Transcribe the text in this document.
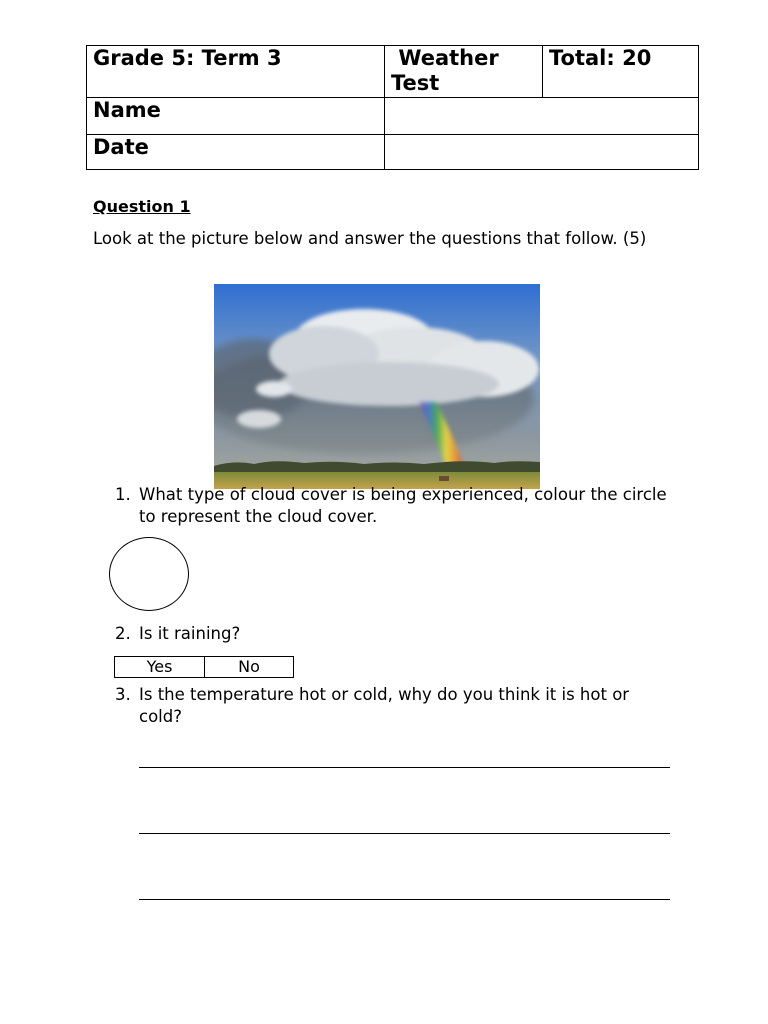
Grade 5: Term 3	Weather Test	Total: 20
Name		
Date		
Question 1
Look at the picture below and answer the questions that follow. (5)
1. What type of cloud cover is being experienced, colour the circle to represent the cloud cover.
2. Is it raining?
Yes	No
3. Is the temperature hot or cold, why do you think it is hot or cold?
